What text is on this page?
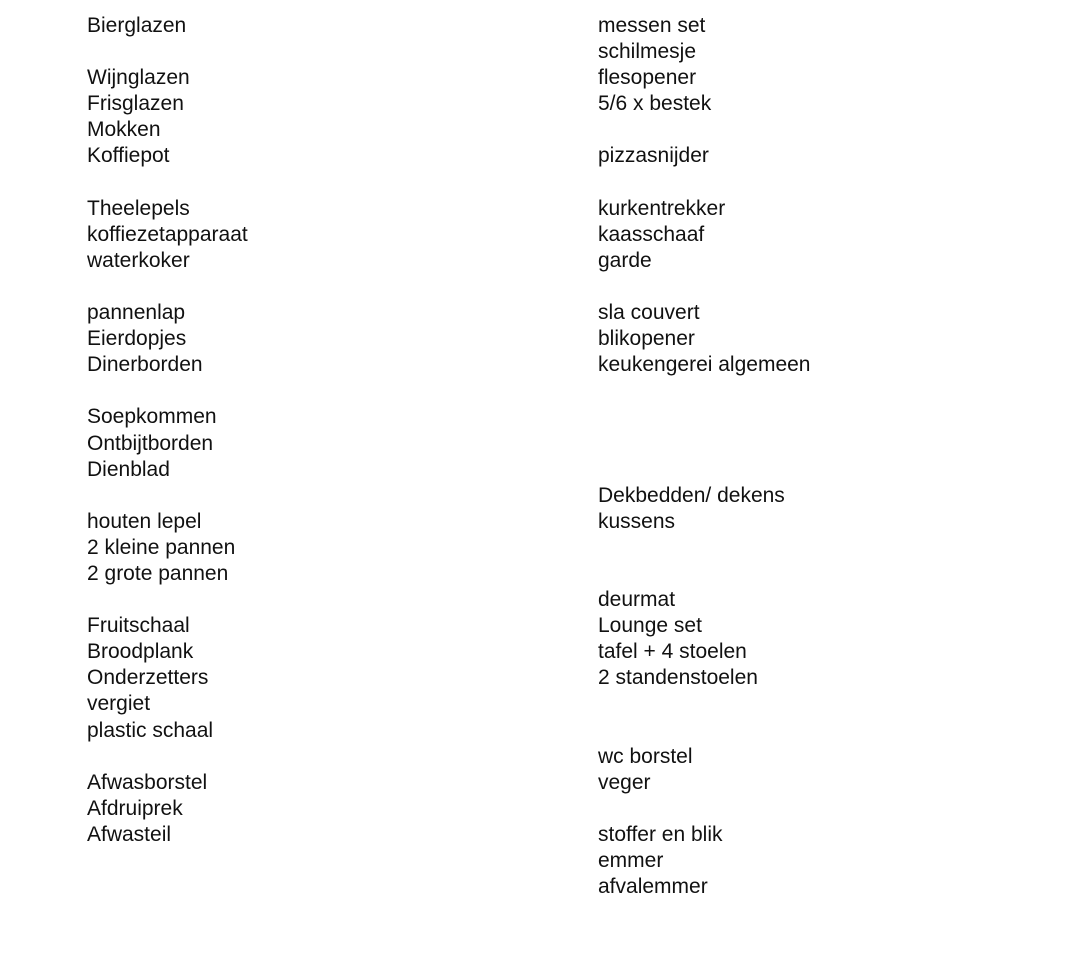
Bierglazen
Wijnglazen
Frisglazen
Mokken
Koffiepot
Theelepels
koffiezetapparaat
waterkoker
pannenlap
Eierdopjes
Dinerborden
Soepkommen
Ontbijtborden
Dienblad
houten lepel
2 kleine pannen
2 grote pannen
Fruitschaal
Broodplank
Onderzetters
vergiet
plastic schaal
Afwasborstel
Afdruiprek
Afwasteil
messen set
schilmesje
flesopener
5/6 x bestek
pizzasnijder
kurkentrekker
kaasschaaf
garde
sla couvert
blikopener
keukengerei algemeen
Dekbedden/ dekens
kussens
deurmat
Lounge set
tafel + 4 stoelen
2 standenstoelen
wc borstel
veger
stoffer en blik
emmer
afvalemmer
